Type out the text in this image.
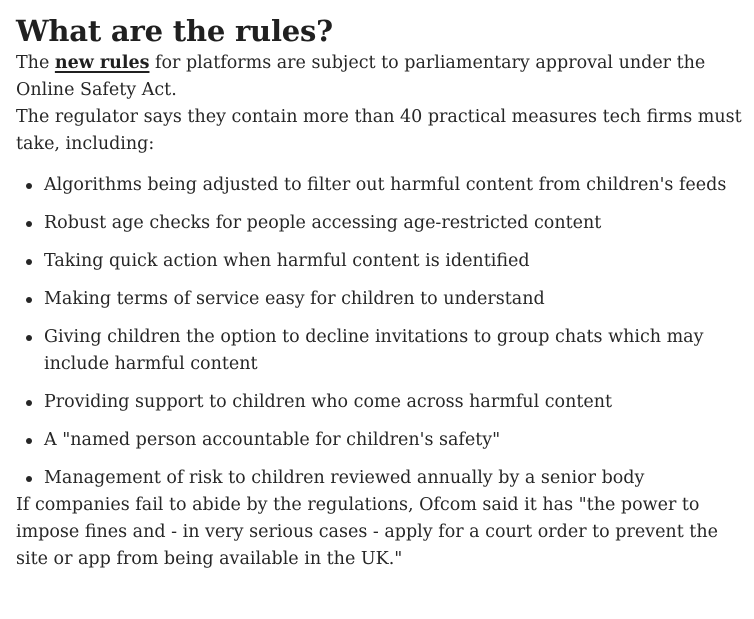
What are the rules?

The new rules for platforms are subject to parliamentary approval under the Online Safety Act.

The regulator says they contain more than 40 practical measures tech firms must take, including:

Algorithms being adjusted to filter out harmful content from children's feeds
Robust age checks for people accessing age-restricted content
Taking quick action when harmful content is identified
Making terms of service easy for children to understand
Giving children the option to decline invitations to group chats which may include harmful content
Providing support to children who come across harmful content
A "named person accountable for children's safety"
Management of risk to children reviewed annually by a senior body

If companies fail to abide by the regulations, Ofcom said it has "the power to impose fines and - in very serious cases - apply for a court order to prevent the site or app from being available in the UK."
